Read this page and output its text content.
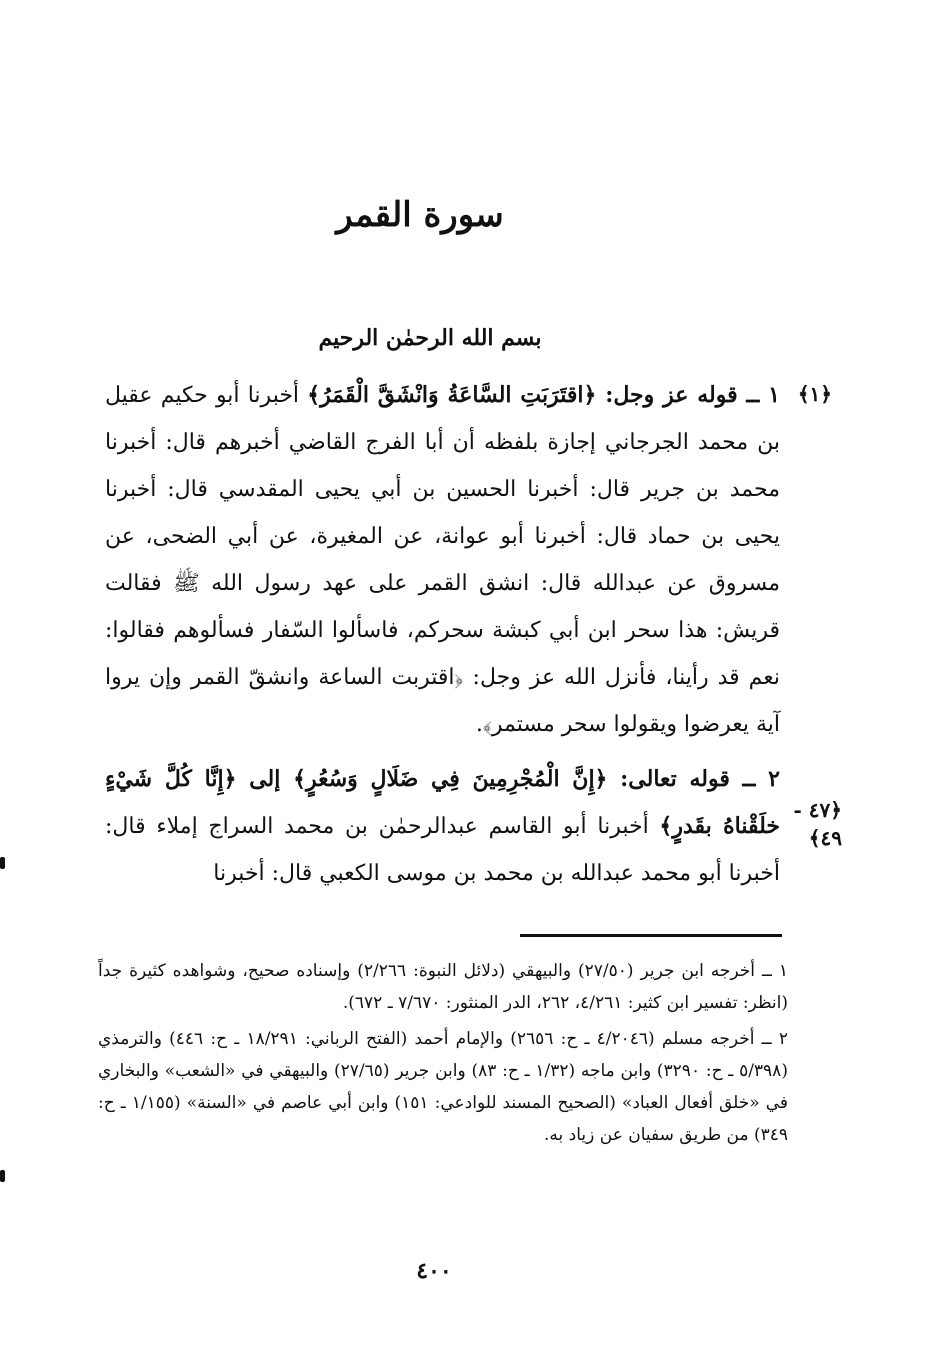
سورة القمر
بسم الله الرحمٰن الرحيم
﴿١﴾
﴿٤٧ - ٤٩﴾

١ ــ قوله عز وجل: ﴿اقتَرَبَتِ السَّاعَةُ وَانْشَقَّ الْقَمَرُ﴾ أخبرنا أبو حكيم عقيل بن محمد الجرجاني إجازة بلفظه أن أبا الفرج القاضي أخبرهم قال: أخبرنا محمد بن جرير قال: أخبرنا الحسين بن أبي يحيى المقدسي قال: أخبرنا يحيى بن حماد قال: أخبرنا أبو عوانة، عن المغيرة، عن أبي الضحى، عن مسروق عن عبدالله قال: انشق القمر على عهد رسول الله ﷺ فقالت قريش: هذا سحر ابن أبي كبشة سحركم، فاسألوا السّفار فسألوهم فقالوا: نعم قد رأينا، فأنزل الله عز وجل: ﴿اقتربت الساعة وانشقّ القمر وإن يروا آية يعرضوا ويقولوا سحر مستمر﴾.

٢ ــ قوله تعالى: ﴿إِنَّ الْمُجْرِمِينَ فِي ضَلَالٍ وَسُعُرٍ﴾ إلى ﴿إِنَّا كُلَّ شَيْءٍ خلَقْناهُ بقَدرٍ﴾ أخبرنا أبو القاسم عبدالرحمٰن بن محمد السراج إملاء قال: أخبرنا أبو محمد عبدالله بن محمد بن موسى الكعبي قال: أخبرنا

١ ــ أخرجه ابن جرير (٢٧/٥٠) والبيهقي (دلائل النبوة: ٢/٢٦٦) وإسناده صحيح، وشواهده كثيرة جداً (انظر: تفسير ابن كثير: ٤/٢٦١، ٢٦٢، الدر المنثور: ٧/٦٧٠ ـ ٦٧٢).

٢ ــ أخرجه مسلم (٤/٢٠٤٦ ـ ح: ٢٦٥٦) والإمام أحمد (الفتح الرباني: ١٨/٢٩١ ـ ح: ٤٤٦) والترمذي (٥/٣٩٨ ـ ح: ٣٢٩٠) وابن ماجه (١/٣٢ ـ ح: ٨٣) وابن جرير (٢٧/٦٥) والبيهقي في «الشعب» والبخاري في «خلق أفعال العباد» (الصحيح المسند للوادعي: ١٥١) وابن أبي عاصم في «السنة» (١/١٥٥ ـ ح: ٣٤٩) من طريق سفيان عن زياد به.

٤٠٠
